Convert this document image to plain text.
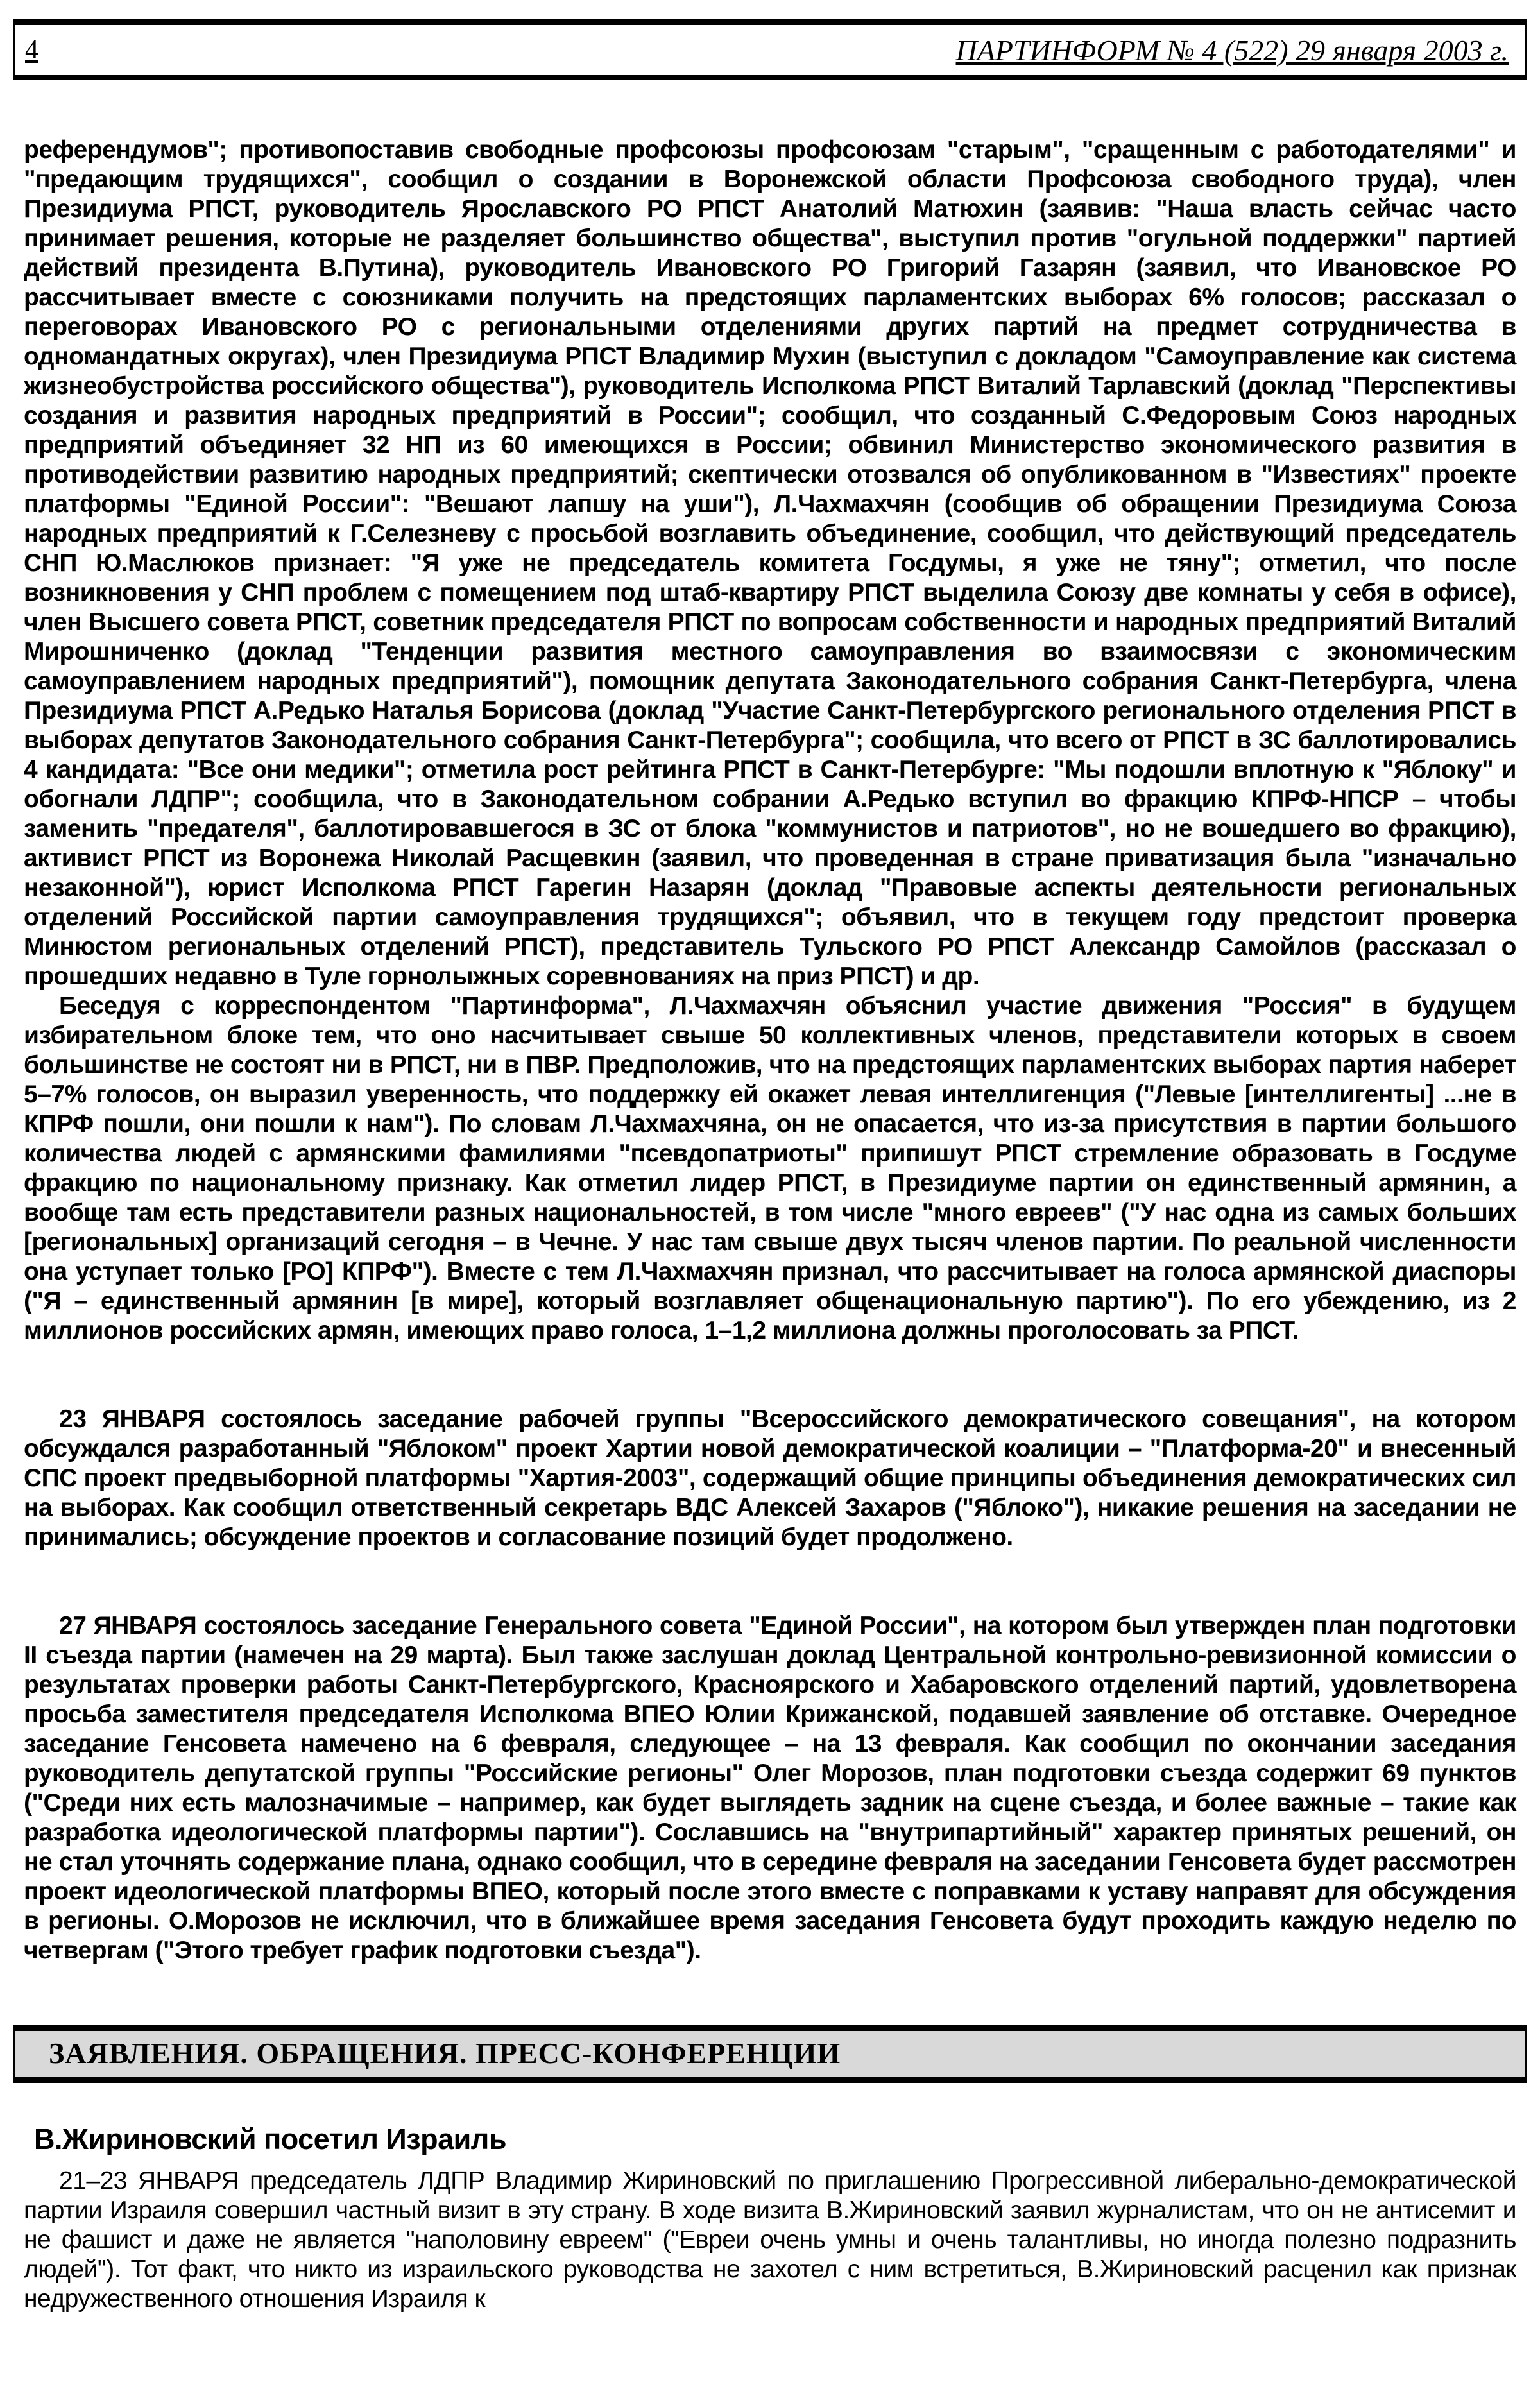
4	ПАРТИНФОРМ № 4 (522) 29 января 2003 г.

референдумов"; противопоставив свободные профсоюзы профсоюзам "старым", "сращенным с работодателями" и "предающим трудящихся", сообщил о создании в Воронежской области Профсоюза свободного труда), член Президиума РПСТ, руководитель Ярославского РО РПСТ Анатолий Матюхин (заявив: "Наша власть сейчас часто принимает решения, которые не разделяет большинство общества", выступил против "огульной поддержки" партией действий президента В.Путина), руководитель Ивановского РО Григорий Газарян (заявил, что Ивановское РО рассчитывает вместе с союзниками получить на предстоящих парламентских выборах 6% голосов; рассказал о переговорах Ивановского РО с региональными отделениями других партий на предмет сотрудничества в одномандатных округах), член Президиума РПСТ Владимир Мухин (выступил с докладом "Самоуправление как система жизнеобустройства российского общества"), руководитель Исполкома РПСТ Виталий Тарлавский (доклад "Перспективы создания и развития народных предприятий в России"; сообщил, что созданный С.Федоровым Союз народных предприятий объединяет 32 НП из 60 имеющихся в России; обвинил Министерство экономического развития в противодействии развитию народных предприятий; скептически отозвался об опубликованном в "Известиях" проекте платформы "Единой России": "Вешают лапшу на уши"), Л.Чахмахчян (сообщив об обращении Президиума Союза народных предприятий к Г.Селезневу с просьбой возглавить объединение, сообщил, что действующий председатель СНП Ю.Маслюков признает: "Я уже не председатель комитета Госдумы, я уже не тяну"; отметил, что после возникновения у СНП проблем с помещением под штаб-квартиру РПСТ выделила Союзу две комнаты у себя в офисе), член Высшего совета РПСТ, советник председателя РПСТ по вопросам собственности и народных предприятий Виталий Мирошниченко (доклад "Тенденции развития местного самоуправления во взаимосвязи с экономическим самоуправлением народных предприятий"), помощник депутата Законодательного собрания Санкт-Петербурга, члена Президиума РПСТ А.Редько Наталья Борисова (доклад "Участие Санкт-Петербургского регионального отделения РПСТ в выборах депутатов Законодательного собрания Санкт-Петербурга"; сообщила, что всего от РПСТ в ЗС баллотировались 4 кандидата: "Все они медики"; отметила рост рейтинга РПСТ в Санкт-Петербурге: "Мы подошли вплотную к "Яблоку" и обогнали ЛДПР"; сообщила, что в Законодательном собрании А.Редько вступил во фракцию КПРФ-НПСР – чтобы заменить "предателя", баллотировавшегося в ЗС от блока "коммунистов и патриотов", но не вошедшего во фракцию), активист РПСТ из Воронежа Николай Расщевкин (заявил, что проведенная в стране приватизация была "изначально незаконной"), юрист Исполкома РПСТ Гарегин Назарян (доклад "Правовые аспекты деятельности региональных отделений Российской партии самоуправления трудящихся"; объявил, что в текущем году предстоит проверка Минюстом региональных отделений РПСТ), представитель Тульского РО РПСТ Александр Самойлов (рассказал о прошедших недавно в Туле горнолыжных соревнованиях на приз РПСТ) и др.

Беседуя с корреспондентом "Партинформа", Л.Чахмахчян объяснил участие движения "Россия" в будущем избирательном блоке тем, что оно насчитывает свыше 50 коллективных членов, представители которых в своем большинстве не состоят ни в РПСТ, ни в ПВР. Предположив, что на предстоящих парламентских выборах партия наберет 5–7% голосов, он выразил уверенность, что поддержку ей окажет левая интеллигенция ("Левые [интеллигенты] ...не в КПРФ пошли, они пошли к нам"). По словам Л.Чахмахчяна, он не опасается, что из-за присутствия в партии большого количества людей с армянскими фамилиями "псевдопатриоты" припишут РПСТ стремление образовать в Госдуме фракцию по национальному признаку. Как отметил лидер РПСТ, в Президиуме партии он единственный армянин, а вообще там есть представители разных национальностей, в том числе "много евреев" ("У нас одна из самых больших [региональных] организаций сегодня – в Чечне. У нас там свыше двух тысяч членов партии. По реальной численности она уступает только [РО] КПРФ"). Вместе с тем Л.Чахмахчян признал, что рассчитывает на голоса армянской диаспоры ("Я – единственный армянин [в мире], который возглавляет общенациональную партию"). По его убеждению, из 2 миллионов российских армян, имеющих право голоса, 1–1,2 миллиона должны проголосовать за РПСТ.

23 ЯНВАРЯ состоялось заседание рабочей группы "Всероссийского демократического совещания", на котором обсуждался разработанный "Яблоком" проект Хартии новой демократической коалиции – "Платформа-20" и внесенный СПС проект предвыборной платформы "Хартия-2003", содержащий общие принципы объединения демократических сил на выборах. Как сообщил ответственный секретарь ВДС Алексей Захаров ("Яблоко"), никакие решения на заседании не принимались; обсуждение проектов и согласование позиций будет продолжено.

27 ЯНВАРЯ состоялось заседание Генерального совета "Единой России", на котором был утвержден план подготовки II съезда партии (намечен на 29 марта). Был также заслушан доклад Центральной контрольно-ревизионной комиссии о результатах проверки работы Санкт-Петербургского, Красноярского и Хабаровского отделений партий, удовлетворена просьба заместителя председателя Исполкома ВПЕО Юлии Крижанской, подавшей заявление об отставке. Очередное заседание Генсовета намечено на 6 февраля, следующее – на 13 февраля. Как сообщил по окончании заседания руководитель депутатской группы "Российские регионы" Олег Морозов, план подготовки съезда содержит 69 пунктов ("Среди них есть малозначимые – например, как будет выглядеть задник на сцене съезда, и более важные – такие как разработка идеологической платформы партии"). Сославшись на "внутрипартийный" характер принятых решений, он не стал уточнять содержание плана, однако сообщил, что в середине февраля на заседании Генсовета будет рассмотрен проект идеологической платформы ВПЕО, который после этого вместе с поправками к уставу направят для обсуждения в регионы. О.Морозов не исключил, что в ближайшее время заседания Генсовета будут проходить каждую неделю по четвергам ("Этого требует график подготовки съезда").

ЗАЯВЛЕНИЯ. ОБРАЩЕНИЯ. ПРЕСС-КОНФЕРЕНЦИИ
В.Жириновский посетил Израиль

21–23 ЯНВАРЯ председатель ЛДПР Владимир Жириновский по приглашению Прогрессивной либерально-демократической партии Израиля совершил частный визит в эту страну. В ходе визита В.Жириновский заявил журналистам, что он не антисемит и не фашист и даже не является "наполовину евреем" ("Евреи очень умны и очень талантливы, но иногда полезно подразнить людей"). Тот факт, что никто из израильского руководства не захотел с ним встретиться, В.Жириновский расценил как признак недружественного отношения Израиля к
